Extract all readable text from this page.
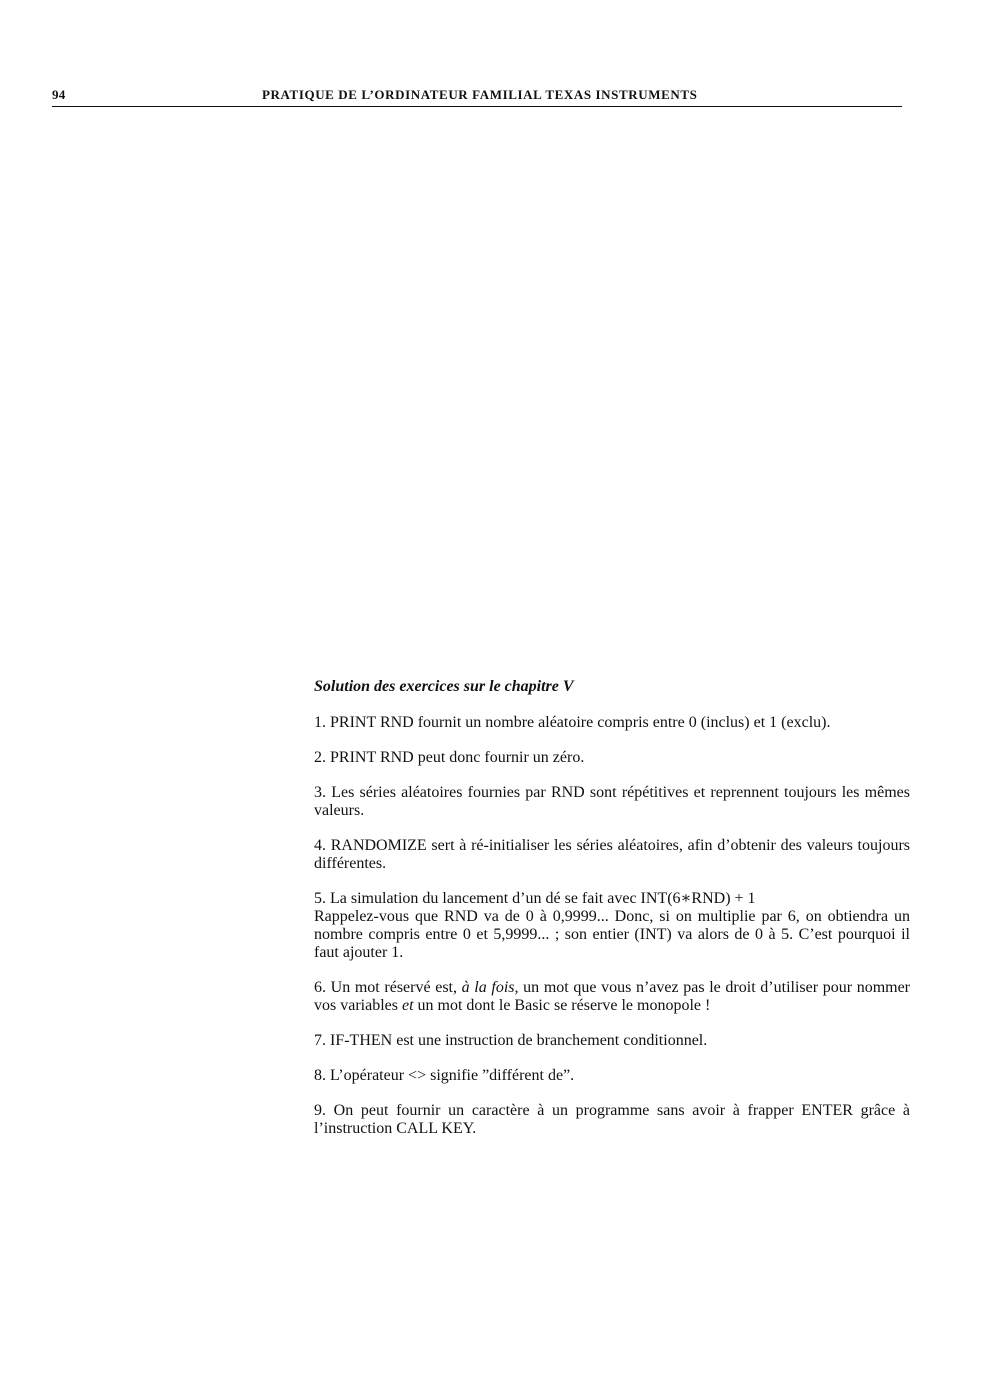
94	PRATIQUE DE L’ORDINATEUR FAMILIAL TEXAS INSTRUMENTS
Solution des exercices sur le chapitre V

1. PRINT RND fournit un nombre aléatoire compris entre 0 (inclus) et 1 (exclu).

2. PRINT RND peut donc fournir un zéro.

3. Les séries aléatoires fournies par RND sont répétitives et reprennent toujours les mêmes valeurs.

4. RANDOMIZE sert à ré-initialiser les séries aléatoires, afin d’obtenir des valeurs toujours différentes.

5. La simulation du lancement d’un dé se fait avec INT(6∗RND) + 1
Rappelez-vous que RND va de 0 à 0,9999... Donc, si on multiplie par 6, on obtiendra un nombre compris entre 0 et 5,9999... ; son entier (INT) va alors de 0 à 5. C’est pourquoi il faut ajouter 1.

6. Un mot réservé est, à la fois, un mot que vous n’avez pas le droit d’utiliser pour nommer vos variables et un mot dont le Basic se réserve le monopole !

7. IF-THEN est une instruction de branchement conditionnel.

8. L’opérateur <> signifie ”différent de”.

9. On peut fournir un caractère à un programme sans avoir à frapper ENTER grâce à l’instruction CALL KEY.
